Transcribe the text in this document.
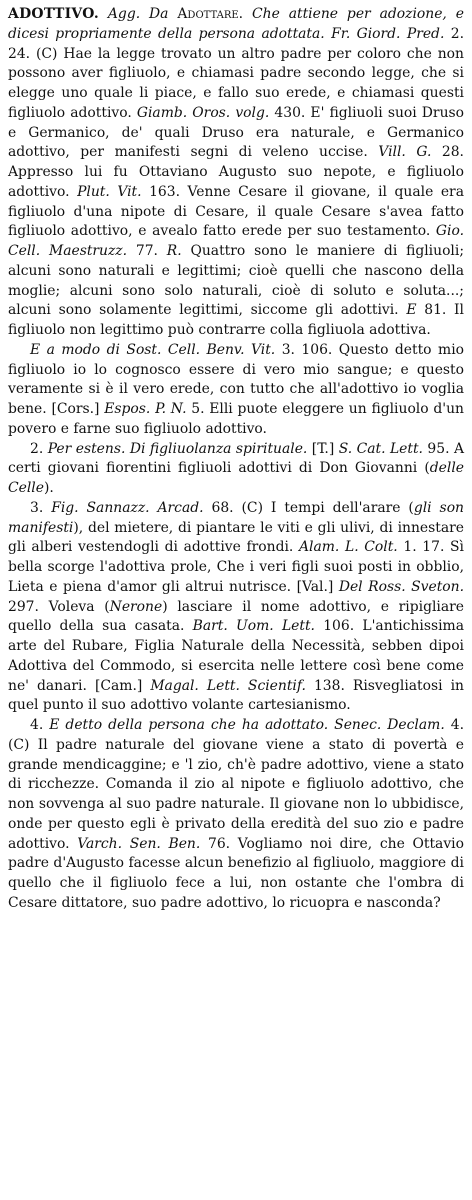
ADOTTIVO. Agg. Da Adottare. Che attiene per adozione, e dicesi propriamente della persona adottata. Fr. Giord. Pred. 2. 24. (C) Hae la legge trovato un altro padre per coloro che non possono aver figliuolo, e chiamasi padre secondo legge, che si elegge uno quale li piace, e fallo suo erede, e chiamasi questi figliuolo adottivo. Giamb. Oros. volg. 430. E' figliuoli suoi Druso e Germanico, de' quali Druso era naturale, e Germanico adottivo, per manifesti segni di veleno uccise. Vill. G. 28. Appresso lui fu Ottaviano Augusto suo nepote, e figliuolo adottivo. Plut. Vit. 163. Venne Cesare il giovane, il quale era figliuolo d'una nipote di Cesare, il quale Cesare s'avea fatto figliuolo adottivo, e avealo fatto erede per suo testamento. Gio. Cell. Maestruzz. 77. R. Quattro sono le maniere di figliuoli; alcuni sono naturali e legittimi; cioè quelli che nascono della moglie; alcuni sono solo naturali, cioè di soluto e soluta...; alcuni sono solamente legittimi, siccome gli adottivi. E 81. Il figliuolo non legittimo può contrarre colla figliuola adottiva.

E a modo di Sost. Cell. Benv. Vit. 3. 106. Questo detto mio figliuolo io lo cognosco essere di vero mio sangue; e questo veramente si è il vero erede, con tutto che all'adottivo io voglia bene. [Cors.] Espos. P. N. 5. Elli puote eleggere un figliuolo d'un povero e farne suo figliuolo adottivo.

2. Per estens. Di figliuolanza spirituale. [T.] S. Cat. Lett. 95. A certi giovani fiorentini figliuoli adottivi di Don Giovanni (delle Celle).

3. Fig. Sannazz. Arcad. 68. (C) I tempi dell'arare (gli son manifesti), del mietere, di piantare le viti e gli ulivi, di innestare gli alberi vestendogli di adottive frondi. Alam. L. Colt. 1. 17. Sì bella scorge l'adottiva prole, Che i veri figli suoi posti in obblio, Lieta e piena d'amor gli altrui nutrisce. [Val.] Del Ross. Sveton. 297. Voleva (Nerone) lasciare il nome adottivo, e ripigliare quello della sua casata. Bart. Uom. Lett. 106. L'antichissima arte del Rubare, Figlia Naturale della Necessità, sebben dipoi Adottiva del Commodo, si esercita nelle lettere così bene come ne' danari. [Cam.] Magal. Lett. Scientif. 138. Risvegliatosi in quel punto il suo adottivo volante cartesianismo.

4. E detto della persona che ha adottato. Senec. Declam. 4. (C) Il padre naturale del giovane viene a stato di povertà e grande mendicaggine; e 'l zio, ch'è padre adottivo, viene a stato di ricchezze. Comanda il zio al nipote e figliuolo adottivo, che non sovvenga al suo padre naturale. Il giovane non lo ubbidisce, onde per questo egli è privato della eredità del suo zio e padre adottivo. Varch. Sen. Ben. 76. Vogliamo noi dire, che Ottavio padre d'Augusto facesse alcun benefizio al figliuolo, maggiore di quello che il figliuolo fece a lui, non ostante che l'ombra di Cesare dittatore, suo padre adottivo, lo ricuopra e nasconda?
